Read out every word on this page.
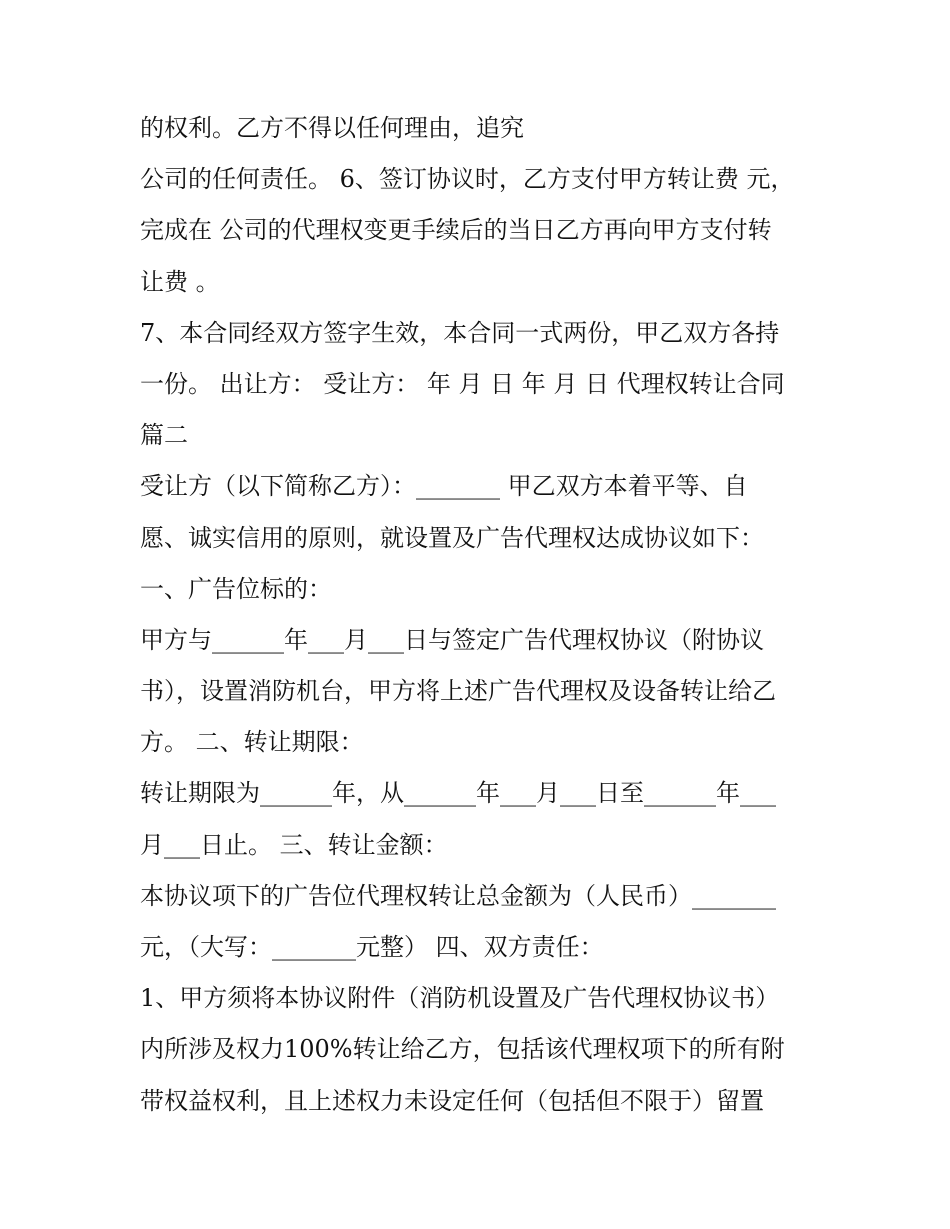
的权利。乙方不得以任何理由，追究
公司的任何责任。 6、签订协议时，乙方支付甲方转让费 元，
完成在 公司的代理权变更手续后的当日乙方再向甲方支付转
让费 。
7、本合同经双方签字生效，本合同一式两份，甲乙双方各持
一份。 出让方： 受让方： 年 月 日 年 月 日 代理权转让合同
篇二
受让方（以下简称乙方）：_______ 甲乙双方本着平等、自
愿、诚实信用的原则，就设置及广告代理权达成协议如下：
一、广告位标的：
甲方与______年___月___日与签定广告代理权协议（附协议
书），设置消防机台，甲方将上述广告代理权及设备转让给乙
方。 二、转让期限：
转让期限为______年，从______年___月___日至______年___
月___日止。 三、转让金额：
本协议项下的广告位代理权转让总金额为（人民币）_______
元，（大写：_______元整） 四、双方责任：
1、甲方须将本协议附件（消防机设置及广告代理权协议书）
内所涉及权力100%转让给乙方，包括该代理权项下的所有附
带权益权利，且上述权力未设定任何（包括但不限于）留置
